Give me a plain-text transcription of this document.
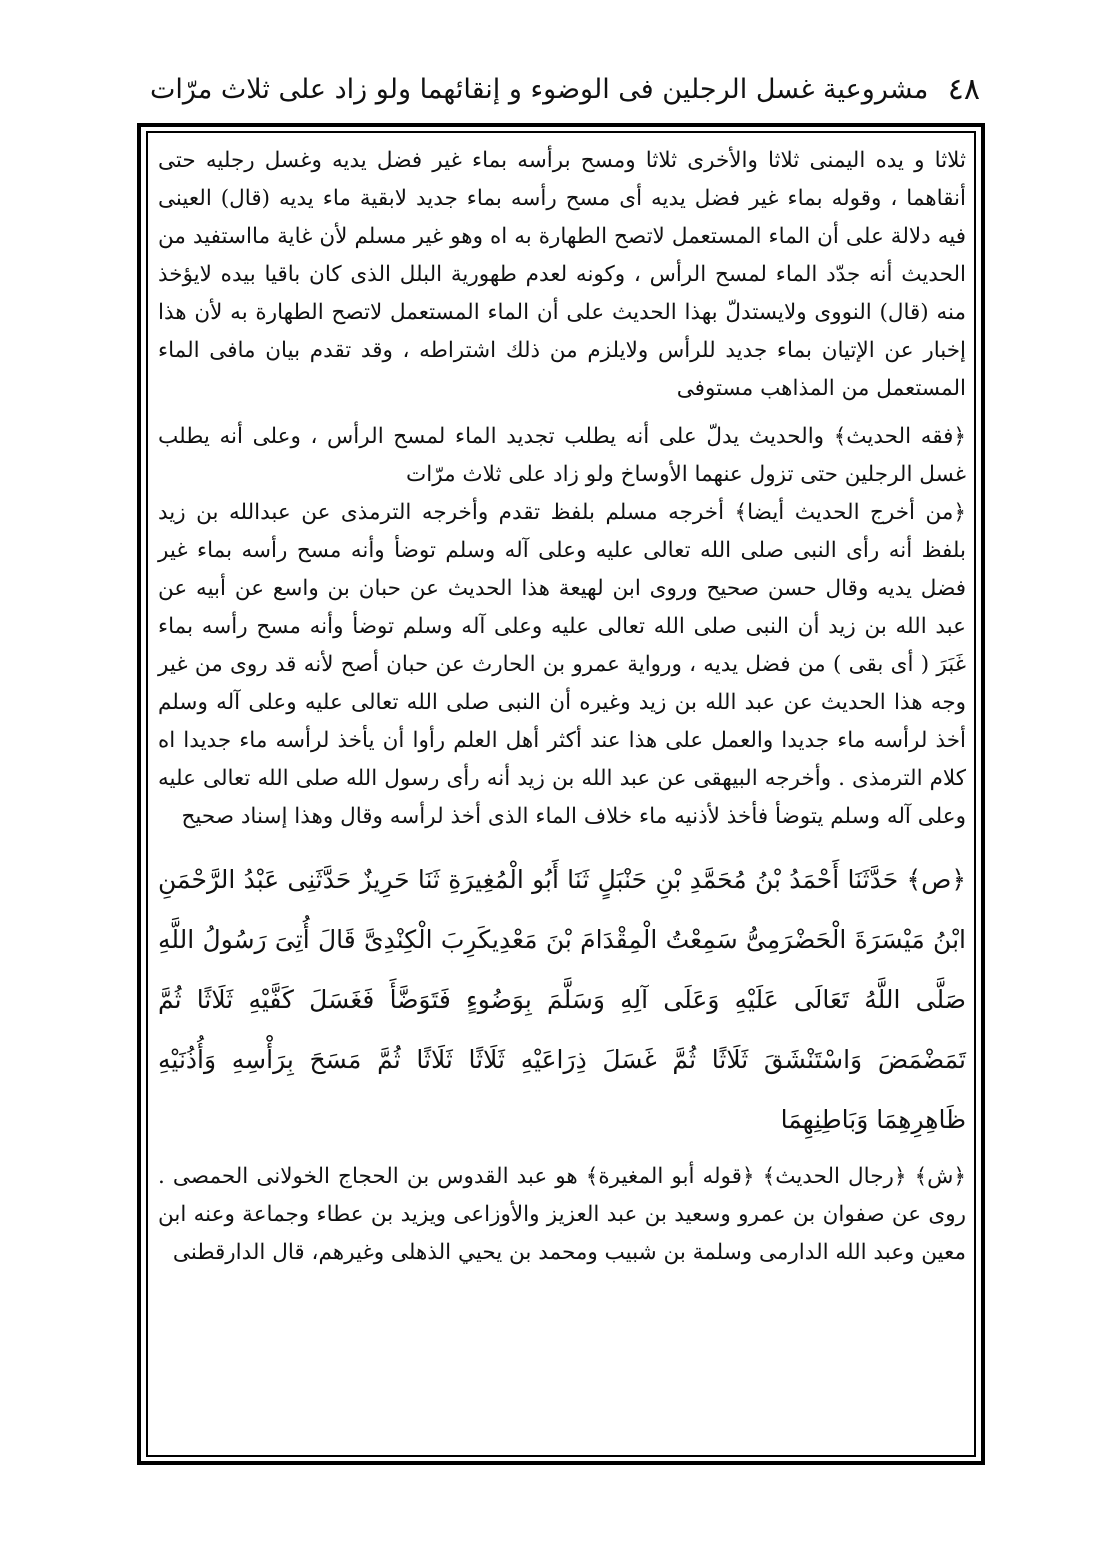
٤٨
مشروعية غسل الرجلين فى الوضوء و إنقائهما ولو زاد على ثلاث مرّات

ثلاثا و يده اليمنى ثلاثا والأخرى ثلاثا ومسح برأسه بماء غير فضل يديه وغسل رجليه حتى أنقاهما ، وقوله بماء غير فضل يديه أى مسح رأسه بماء جديد لابقية ماء يديه (قال) العينى فيه دلالة على أن الماء المستعمل لاتصح الطهارة به اه وهو غير مسلم لأن غاية مااستفيد من الحديث أنه جدّد الماء لمسح الرأس ، وكونه لعدم طهورية البلل الذى كان باقيا بيده لايؤخذ منه (قال) النووى ولايستدلّ بهذا الحديث على أن الماء المستعمل لاتصح الطهارة به لأن هذا إخبار عن الإتيان بماء جديد للرأس ولايلزم من ذلك اشتراطه ، وقد تقدم بيان مافى الماء المستعمل من المذاهب مستوفى

﴿فقه الحديث﴾ والحديث يدلّ على أنه يطلب تجديد الماء لمسح الرأس ، وعلى أنه يطلب غسل الرجلين حتى تزول عنهما الأوساخ ولو زاد على ثلاث مرّات

﴿من أخرج الحديث أيضا﴾ أخرجه مسلم بلفظ تقدم وأخرجه الترمذى عن عبدالله بن زيد بلفظ أنه رأى النبى صلى الله تعالى عليه وعلى آله وسلم توضأ وأنه مسح رأسه بماء غير فضل يديه وقال حسن صحيح وروى ابن لهيعة هذا الحديث عن حبان بن واسع عن أبيه عن عبد الله بن زيد أن النبى صلى الله تعالى عليه وعلى آله وسلم توضأ وأنه مسح رأسه بماء غَبَرَ ( أى بقى ) من فضل يديه ، ورواية عمرو بن الحارث عن حبان أصح لأنه قد روى من غير وجه هذا الحديث عن عبد الله بن زيد وغيره أن النبى صلى الله تعالى عليه وعلى آله وسلم أخذ لرأسه ماء جديدا والعمل على هذا عند أكثر أهل العلم رأوا أن يأخذ لرأسه ماء جديدا اه كلام الترمذى . وأخرجه البيهقى عن عبد الله بن زيد أنه رأى رسول الله صلى الله تعالى عليه وعلى آله وسلم يتوضأ فأخذ لأذنيه ماء خلاف الماء الذى أخذ لرأسه وقال وهذا إسناد صحيح

﴿ص﴾ حَدَّثَنَا أَحْمَدُ بْنُ مُحَمَّدِ بْنِ حَنْبَلٍ ثَنَا أَبُو الْمُغِيرَةِ ثَنَا حَرِيزٌ حَدَّثَنِى عَبْدُ الرَّحْمَنِ ابْنُ مَيْسَرَةَ الْحَضْرَمِىُّ سَمِعْتُ الْمِقْدَامَ بْنَ مَعْدِيكَرِبَ الْكِنْدِىَّ قَالَ أُتِىَ رَسُولُ اللَّهِ صَلَّى اللَّهُ تَعَالَى عَلَيْهِ وَعَلَى آلِهِ وَسَلَّمَ بِوَضُوءٍ فَتَوَضَّأَ فَغَسَلَ كَفَّيْهِ ثَلَاثًا ثُمَّ تَمَضْمَضَ وَاسْتَنْشَقَ ثَلَاثًا ثُمَّ غَسَلَ ذِرَاعَيْهِ ثَلَاثًا ثَلَاثًا ثُمَّ مَسَحَ بِرَأْسِهِ وَأُذُنَيْهِ ظَاهِرِهِمَا وَبَاطِنِهِمَا

﴿ش﴾ ﴿رجال الحديث﴾ ﴿قوله أبو المغيرة﴾ هو عبد القدوس بن الحجاج الخولانى الحمصى . روى عن صفوان بن عمرو وسعيد بن عبد العزيز والأوزاعى ويزيد بن عطاء وجماعة وعنه ابن معين وعبد الله الدارمى وسلمة بن شبيب ومحمد بن يحيي الذهلى وغيرهم، قال الدارقطنى
